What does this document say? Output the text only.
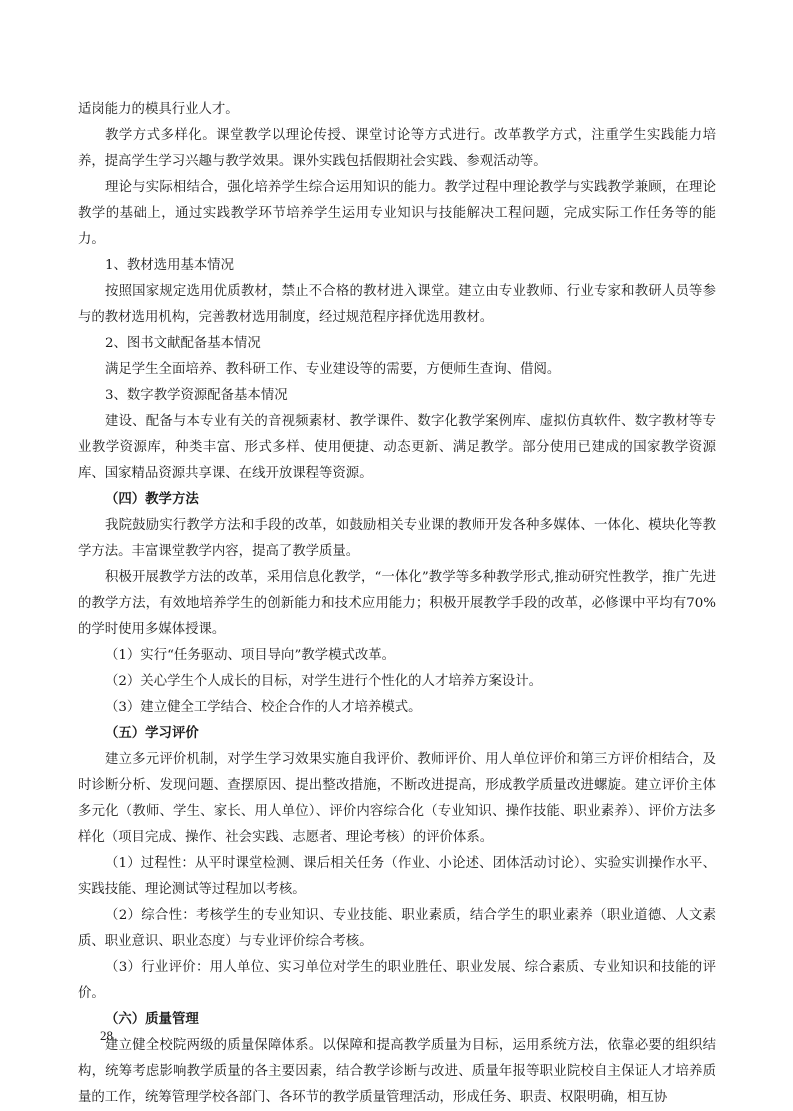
适岗能力的模具行业人才。

教学方式多样化。课堂教学以理论传授、课堂讨论等方式进行。改革教学方式，注重学生实践能力培养，提高学生学习兴趣与教学效果。课外实践包括假期社会实践、参观活动等。

理论与实际相结合，强化培养学生综合运用知识的能力。教学过程中理论教学与实践教学兼顾，在理论教学的基础上，通过实践教学环节培养学生运用专业知识与技能解决工程问题，完成实际工作任务等的能力。

1、教材选用基本情况

按照国家规定选用优质教材，禁止不合格的教材进入课堂。建立由专业教师、行业专家和教研人员等参与的教材选用机构，完善教材选用制度，经过规范程序择优选用教材。

2、图书文献配备基本情况

满足学生全面培养、教科研工作、专业建设等的需要，方便师生查询、借阅。

3、数字教学资源配备基本情况

建设、配备与本专业有关的音视频素材、教学课件、数字化教学案例库、虚拟仿真软件、数字教材等专业教学资源库，种类丰富、形式多样、使用便捷、动态更新、满足教学。部分使用已建成的国家教学资源库、国家精品资源共享课、在线开放课程等资源。

（四）教学方法

我院鼓励实行教学方法和手段的改革，如鼓励相关专业课的教师开发各种多媒体、一体化、模块化等教学方法。丰富课堂教学内容，提高了教学质量。

积极开展教学方法的改革，采用信息化教学，“一体化”教学等多种教学形式,推动研究性教学，推广先进的教学方法，有效地培养学生的创新能力和技术应用能力；积极开展教学手段的改革，必修课中平均有70%的学时使用多媒体授课。

（1）实行“任务驱动、项目导向”教学模式改革。

（2）关心学生个人成长的目标，对学生进行个性化的人才培养方案设计。

（3）建立健全工学结合、校企合作的人才培养模式。

（五）学习评价

建立多元评价机制，对学生学习效果实施自我评价、教师评价、用人单位评价和第三方评价相结合，及时诊断分析、发现问题、查摆原因、提出整改措施，不断改进提高，形成教学质量改进螺旋。建立评价主体多元化（教师、学生、家长、用人单位）、评价内容综合化（专业知识、操作技能、职业素养）、评价方法多样化（项目完成、操作、社会实践、志愿者、理论考核）的评价体系。

（1）过程性：从平时课堂检测、课后相关任务（作业、小论述、团体活动讨论）、实验实训操作水平、实践技能、理论测试等过程加以考核。

（2）综合性：考核学生的专业知识、专业技能、职业素质，结合学生的职业素养（职业道德、人文素质、职业意识、职业态度）与专业评价综合考核。

（3）行业评价：用人单位、实习单位对学生的职业胜任、职业发展、综合素质、专业知识和技能的评价。

（六）质量管理

建立健全校院两级的质量保障体系。以保障和提高教学质量为目标，运用系统方法，依靠必要的组织结构，统筹考虑影响教学质量的各主要因素，结合教学诊断与改进、质量年报等职业院校自主保证人才培养质量的工作，统筹管理学校各部门、各环节的教学质量管理活动，形成任务、职责、权限明确，相互协

28
